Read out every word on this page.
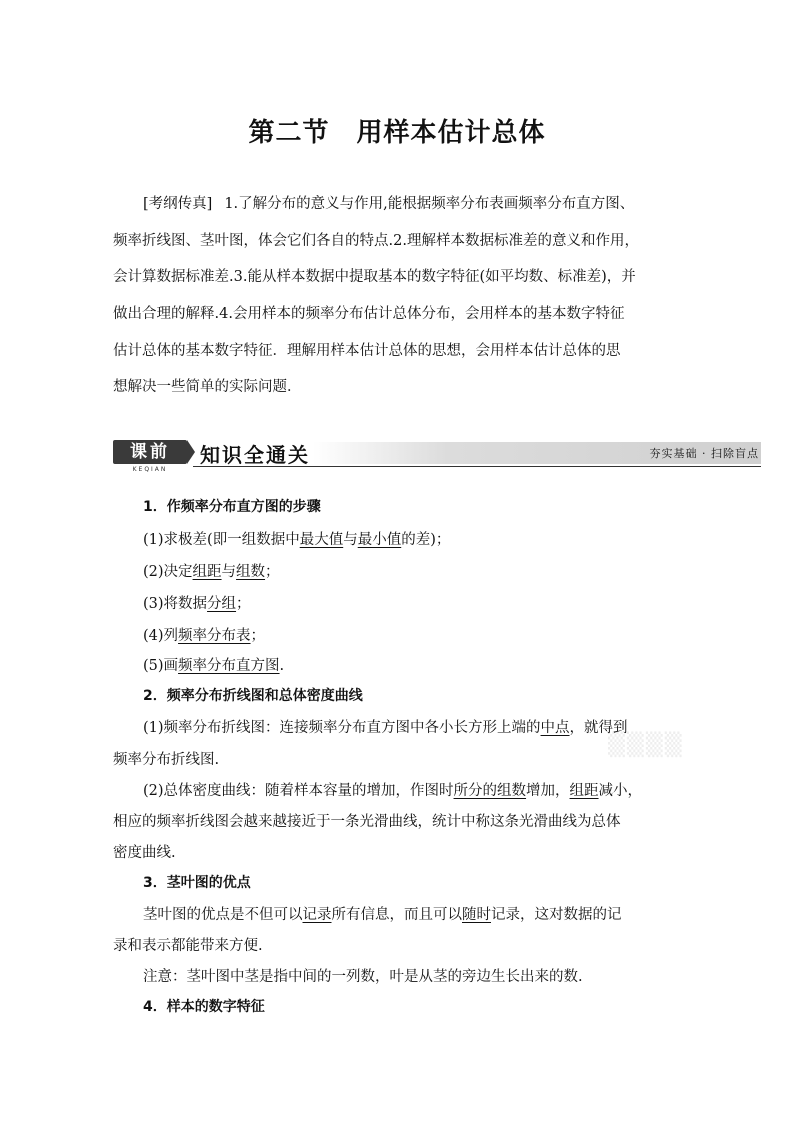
第二节　用样本估计总体
[考纲传真] 1.了解分布的意义与作用,能根据频率分布表画频率分布直方图、
频率折线图、茎叶图，体会它们各自的特点.2.理解样本数据标准差的意义和作用，
会计算数据标准差.3.能从样本数据中提取基本的数字特征(如平均数、标准差)，并
做出合理的解释.4.会用样本的频率分布估计总体分布，会用样本的基本数字特征
估计总体的基本数字特征．理解用样本估计总体的思想，会用样本估计总体的思
想解决一些简单的实际问题．
课前
KEQIAN
知识全通关	夯实基础 · 扫除盲点
▒▒▒▒
1．作频率分布直方图的步骤
(1)求极差(即一组数据中最大值与最小值的差)；
(2)决定组距与组数；
(3)将数据分组；
(4)列频率分布表；
(5)画频率分布直方图.
2．频率分布折线图和总体密度曲线
(1)频率分布折线图：连接频率分布直方图中各小长方形上端的中点，就得到
频率分布折线图.
(2)总体密度曲线：随着样本容量的增加，作图时所分的组数增加，组距减小，
相应的频率折线图会越来越接近于一条光滑曲线，统计中称这条光滑曲线为总体
密度曲线.
3．茎叶图的优点
茎叶图的优点是不但可以记录所有信息，而且可以随时记录，这对数据的记
录和表示都能带来方便.
注意：茎叶图中茎是指中间的一列数，叶是从茎的旁边生长出来的数.
4．样本的数字特征
